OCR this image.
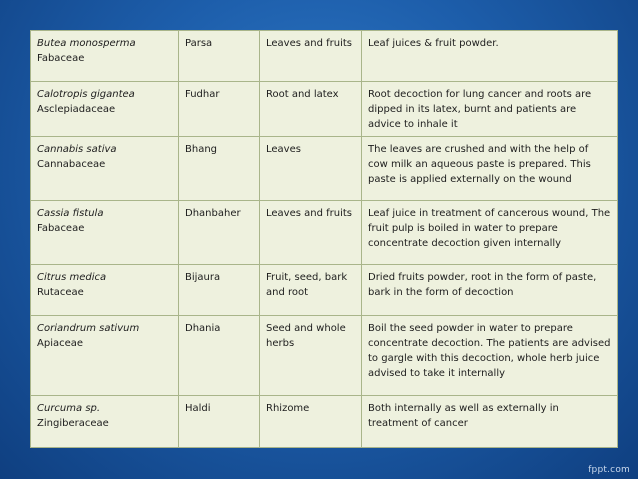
Butea monosperma
Fabaceae	Parsa	Leaves and fruits	Leaf juices & fruit powder.

Calotropis gigantea
Asclepiadaceae	Fudhar	Root and latex	Root decoction for lung cancer and roots are dipped in its latex, burnt and patients are advice to inhale it

Cannabis sativa
Cannabaceae	Bhang	Leaves	The leaves are crushed and with the help of cow milk an aqueous paste is prepared. This paste is applied externally on the wound

Cassia fistula
Fabaceae	Dhanbaher	Leaves and fruits	Leaf juice in treatment of cancerous wound, The fruit pulp is boiled in water to prepare concentrate decoction given internally

Citrus medica
Rutaceae	Bijaura	Fruit, seed, bark and root	Dried fruits powder, root in the form of paste, bark in the form of decoction

Coriandrum sativum
Apiaceae	Dhania	Seed and whole herbs	Boil the seed powder in water to prepare concentrate decoction. The patients are advised to gargle with this decoction, whole herb juice advised to take it internally

Curcuma sp.
Zingiberaceae	Haldi	Rhizome	Both internally as well as externally in treatment of cancer
fppt.com
